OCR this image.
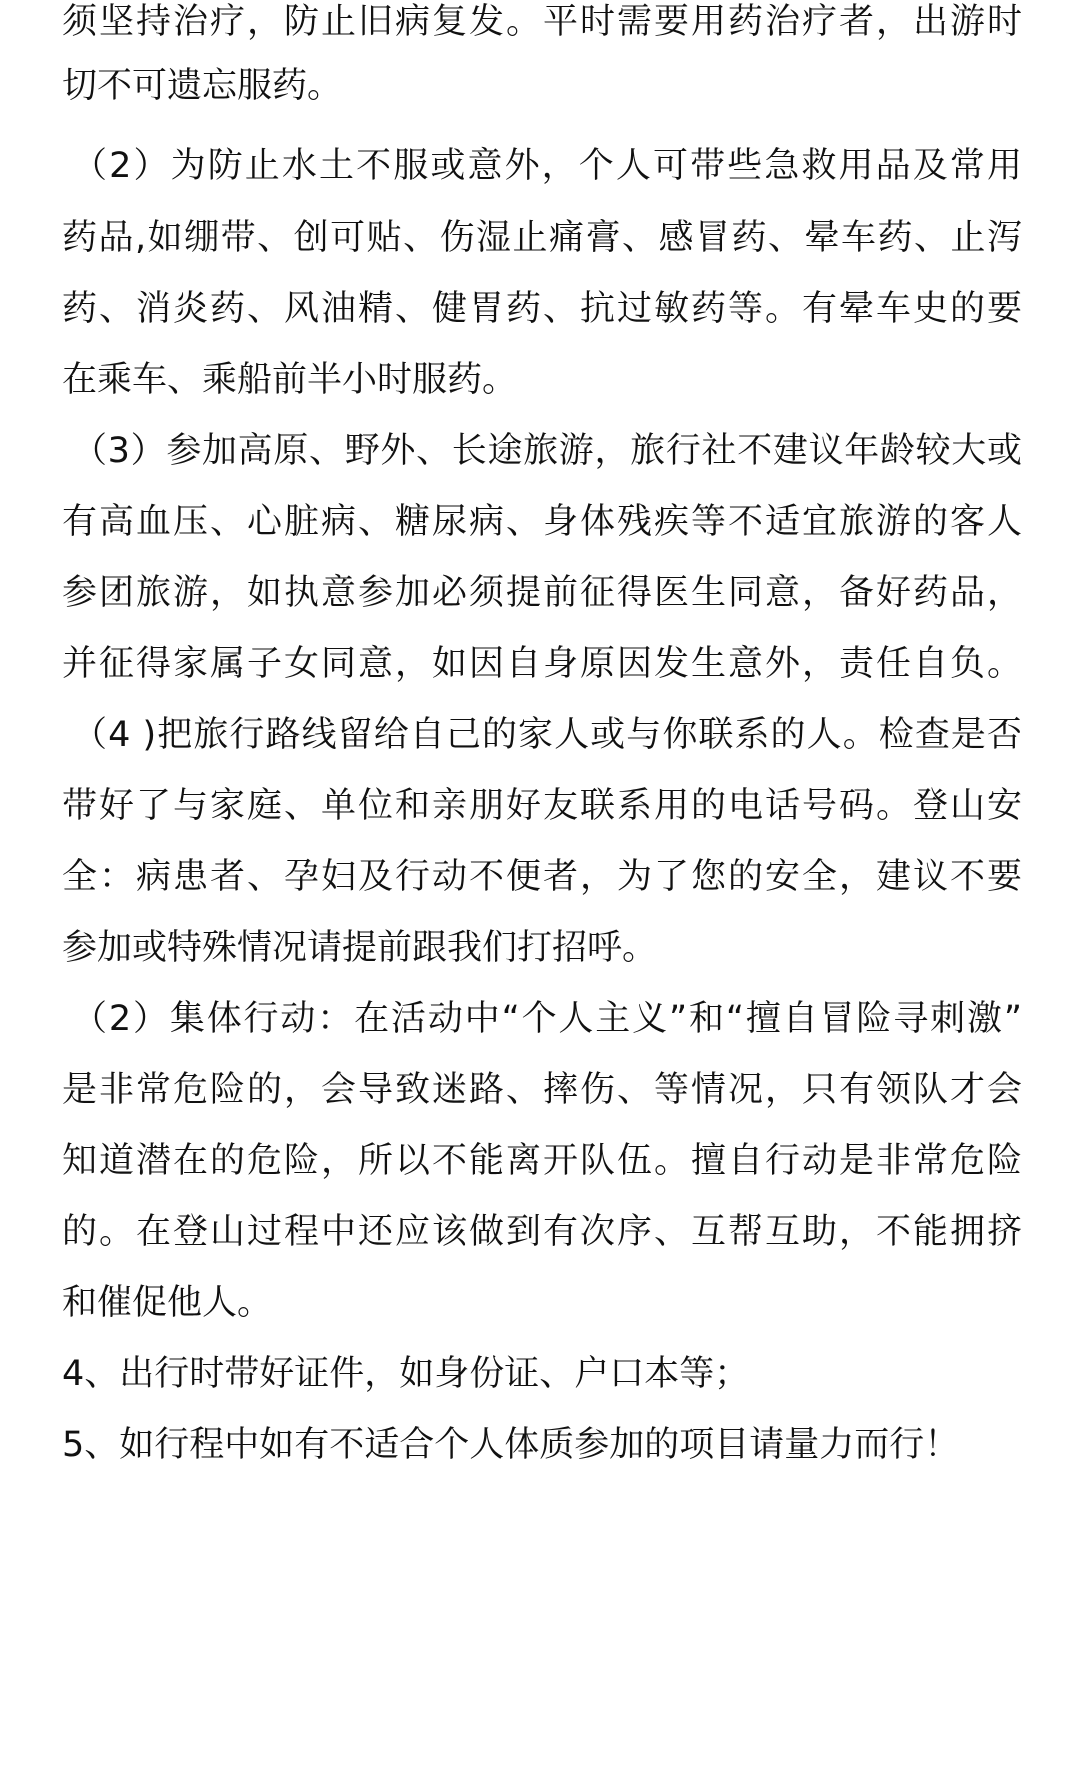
须坚持治疗，防止旧病复发。平时需要用药治疗者，出游时
切不可遗忘服药。
（2）为防止水土不服或意外，个人可带些急救用品及常用
药品,如绷带、创可贴、伤湿止痛膏、感冒药、晕车药、止泻
药、消炎药、风油精、健胃药、抗过敏药等。有晕车史的要
在乘车、乘船前半小时服药。
（3）参加高原、野外、长途旅游，旅行社不建议年龄较大或
有高血压、心脏病、糖尿病、身体残疾等不适宜旅游的客人
参团旅游，如执意参加必须提前征得医生同意，备好药品，
并征得家属子女同意，如因自身原因发生意外，责任自负。
（4 )把旅行路线留给自己的家人或与你联系的人。检查是否
带好了与家庭、单位和亲朋好友联系用的电话号码。登山安
全：病患者、孕妇及行动不便者，为了您的安全，建议不要
参加或特殊情况请提前跟我们打招呼。
（2）集体行动：在活动中“个人主义”和“擅自冒险寻刺激”
是非常危险的，会导致迷路、摔伤、等情况，只有领队才会
知道潜在的危险，所以不能离开队伍。擅自行动是非常危险
的。在登山过程中还应该做到有次序、互帮互助，不能拥挤
和催促他人。
4、出行时带好证件，如身份证、户口本等；
5、如行程中如有不适合个人体质参加的项目请量力而行！
